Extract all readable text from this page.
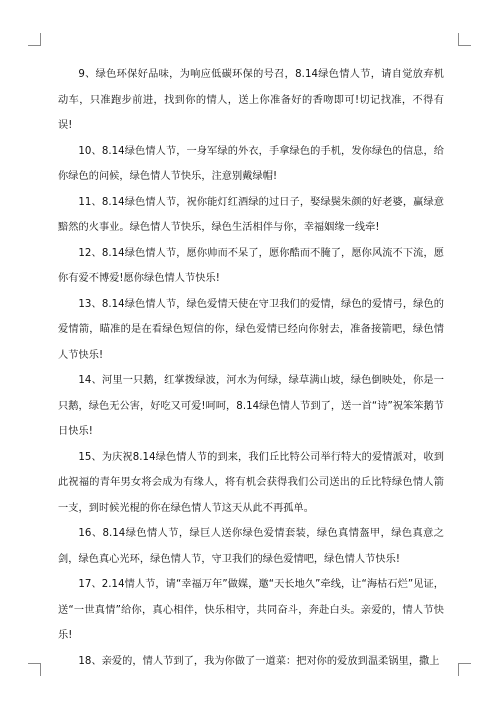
9、绿色环保好品味，为响应低碳环保的号召，8.14绿色情人节，请自觉放弃机动车，只准跑步前进，找到你的情人，送上你准备好的香吻即可!切记找准，不得有误!

10、8.14绿色情人节，一身军绿的外衣，手拿绿色的手机，发你绿色的信息，给你绿色的问候，绿色情人节快乐，注意别戴绿帽!

11、8.14绿色情人节，祝你能灯红酒绿的过日子，娶绿鬓朱颜的好老婆，赢绿意黯然的火事业。绿色情人节快乐，绿色生活相伴与你，幸福姻缘一线牵!

12、8.14绿色情人节，愿你帅而不呆了，愿你酷而不腌了，愿你风流不下流，愿你有爱不博爱!愿你绿色情人节快乐!

13、8.14绿色情人节，绿色爱情天使在守卫我们的爱情，绿色的爱情弓，绿色的爱情箭，瞄准的是在看绿色短信的你，绿色爱情已经向你射去，准备接箭吧，绿色情人节快乐!

14、河里一只鹅，红掌拨绿波，河水为何绿，绿草满山坡，绿色倒映处，你是一只鹅，绿色无公害，好吃又可爱!呵呵，8.14绿色情人节到了，送一首“诗”祝笨笨鹅节日快乐!

15、为庆祝8.14绿色情人节的到来，我们丘比特公司举行特大的爱情派对，收到此祝福的青年男女将会成为有缘人，将有机会获得我们公司送出的丘比特绿色情人箭一支，到时候光棍的你在绿色情人节这天从此不再孤单。

16、8.14绿色情人节，绿巨人送你绿色爱情套装，绿色真情盔甲，绿色真意之剑，绿色真心光环，绿色情人节，守卫我们的绿色爱情吧，绿色情人节快乐!

17、2.14情人节，请“幸福万年”做媒，邀“天长地久”牵线，让“海枯石烂”见证，送“一世真情”给你，真心相伴，快乐相守，共同奋斗，奔赴白头。亲爱的，情人节快乐!

18、亲爱的，情人节到了，我为你做了一道菜：把对你的爱放到温柔锅里，撒上
